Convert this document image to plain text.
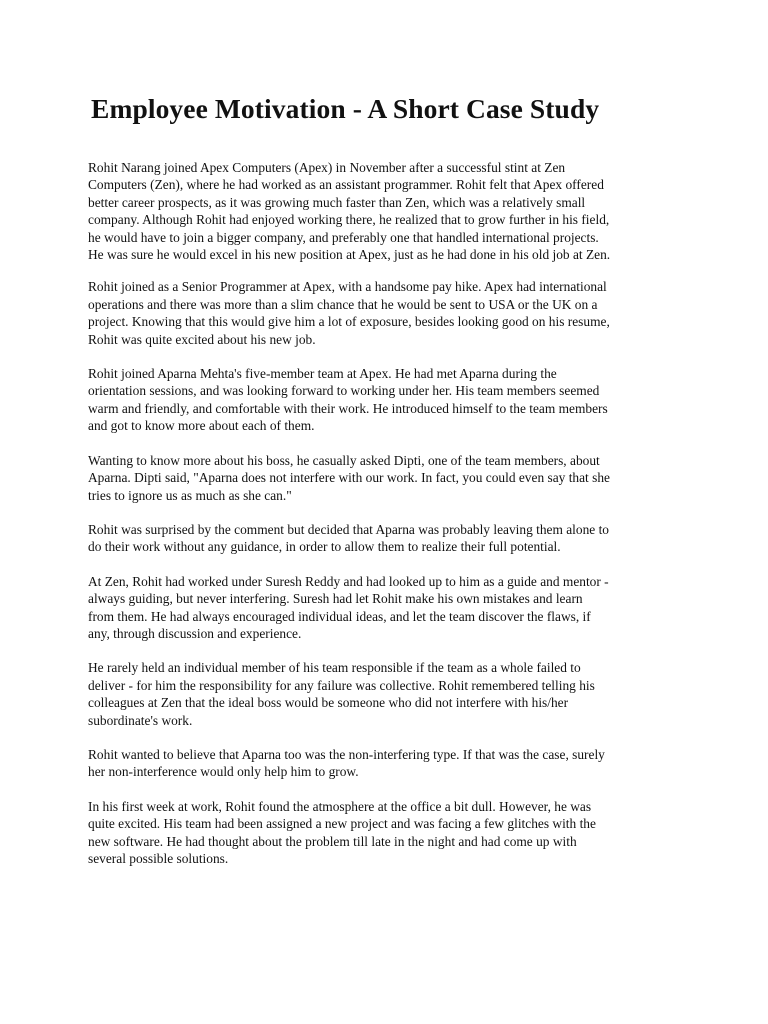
Employee Motivation - A Short Case Study

Rohit Narang joined Apex Computers (Apex) in November after a successful stint at Zen
Computers (Zen), where he had worked as an assistant programmer. Rohit felt that Apex offered
better career prospects, as it was growing much faster than Zen, which was a relatively small
company. Although Rohit had enjoyed working there, he realized that to grow further in his field,
he would have to join a bigger company, and preferably one that handled international projects.
He was sure he would excel in his new position at Apex, just as he had done in his old job at Zen.

Rohit joined as a Senior Programmer at Apex, with a handsome pay hike. Apex had international
operations and there was more than a slim chance that he would be sent to USA or the UK on a
project. Knowing that this would give him a lot of exposure, besides looking good on his resume,
Rohit was quite excited about his new job.

Rohit joined Aparna Mehta's five-member team at Apex. He had met Aparna during the
orientation sessions, and was looking forward to working under her. His team members seemed
warm and friendly, and comfortable with their work. He introduced himself to the team members
and got to know more about each of them.

Wanting to know more about his boss, he casually asked Dipti, one of the team members, about
Aparna. Dipti said, "Aparna does not interfere with our work. In fact, you could even say that she
tries to ignore us as much as she can."

Rohit was surprised by the comment but decided that Aparna was probably leaving them alone to
do their work without any guidance, in order to allow them to realize their full potential.

At Zen, Rohit had worked under Suresh Reddy and had looked up to him as a guide and mentor -
always guiding, but never interfering. Suresh had let Rohit make his own mistakes and learn
from them. He had always encouraged individual ideas, and let the team discover the flaws, if
any, through discussion and experience.

He rarely held an individual member of his team responsible if the team as a whole failed to
deliver - for him the responsibility for any failure was collective. Rohit remembered telling his
colleagues at Zen that the ideal boss would be someone who did not interfere with his/her
subordinate's work.

Rohit wanted to believe that Aparna too was the non-interfering type. If that was the case, surely
her non-interference would only help him to grow.

In his first week at work, Rohit found the atmosphere at the office a bit dull. However, he was
quite excited. His team had been assigned a new project and was facing a few glitches with the
new software. He had thought about the problem till late in the night and had come up with
several possible solutions.
